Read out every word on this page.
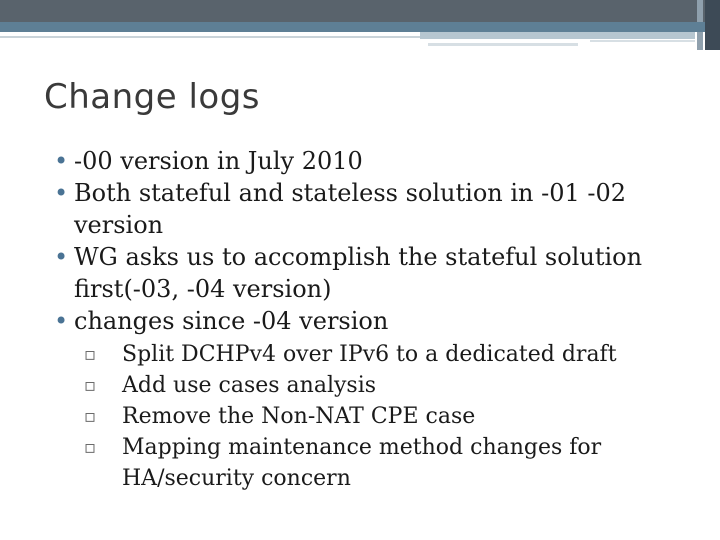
Change logs
• -00 version in July 2010
• Both stateful and stateless solution in -01 -02 version
• WG asks us to accomplish the stateful solution first(-03, -04 version)
• changes since -04 version
▫ Split DCHPv4 over IPv6 to a dedicated draft
▫ Add use cases analysis
▫ Remove the Non-NAT CPE case
▫ Mapping maintenance method changes for HA/security concern
